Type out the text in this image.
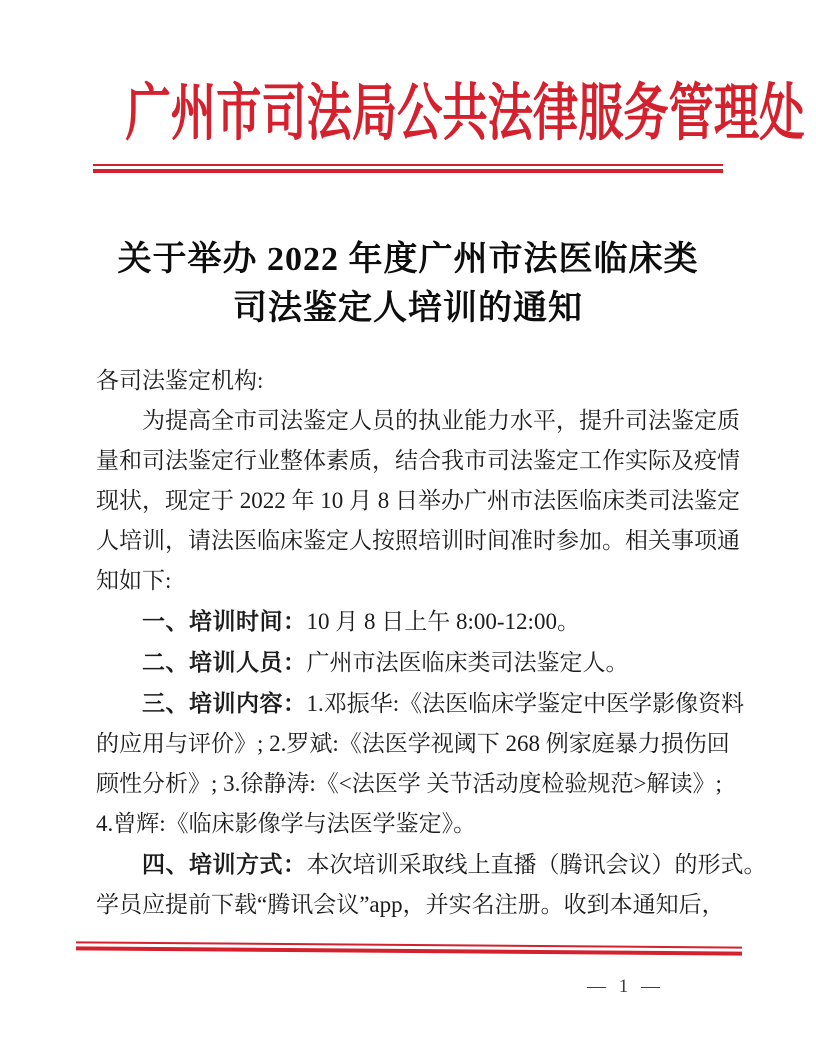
广州市司法局公共法律服务管理处
关于举办 2022 年度广州市法医临床类
司法鉴定人培训的通知
各司法鉴定机构:
为提高全市司法鉴定人员的执业能力水平，提升司法鉴定质
量和司法鉴定行业整体素质，结合我市司法鉴定工作实际及疫情
现状，现定于 2022 年 10 月 8 日举办广州市法医临床类司法鉴定
人培训，请法医临床鉴定人按照培训时间准时参加。相关事项通
知如下:
一、培训时间：10 月 8 日上午 8:00-12:00。
二、培训人员：广州市法医临床类司法鉴定人。
三、培训内容：1.邓振华:《法医临床学鉴定中医学影像资料
的应用与评价》; 2.罗斌:《法医学视阈下 268 例家庭暴力损伤回
顾性分析》; 3.徐静涛:《<法医学 关节活动度检验规范>解读》;
4.曾辉:《临床影像学与法医学鉴定》。
四、培训方式：本次培训采取线上直播（腾讯会议）的形式。
学员应提前下载“腾讯会议”app，并实名注册。收到本通知后，
— 1 —
